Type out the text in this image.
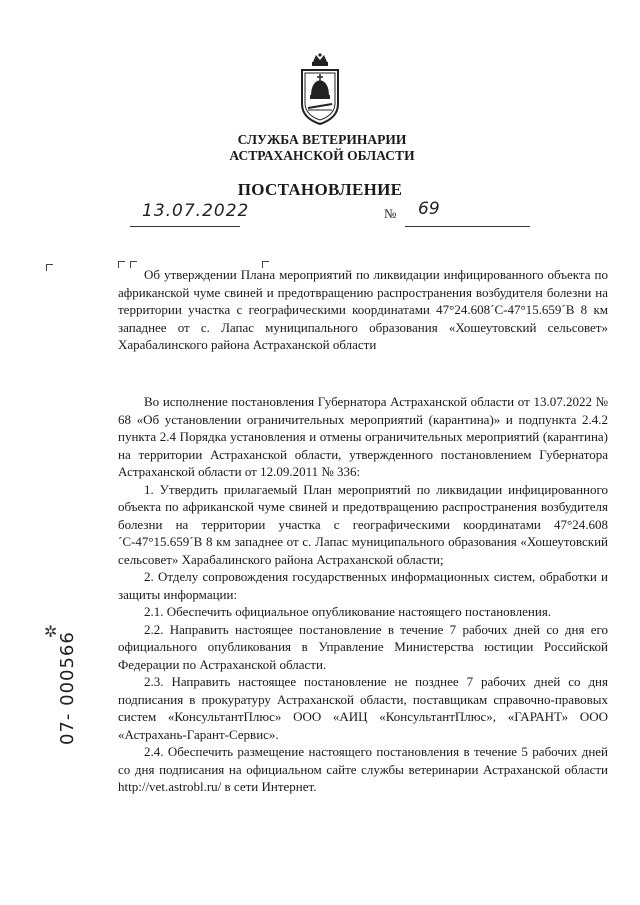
СЛУЖБА ВЕТЕРИНАРИИ
АСТРАХАНСКОЙ ОБЛАСТИ
ПОСТАНОВЛЕНИЕ
13.07.2022	№ 69
Об утверждении Плана мероприятий по ликвидации инфицированного объекта по африканской чуме свиней и предотвращению распространения возбудителя болезни на территории участка с географическими координатами 47°24.608´С-47°15.659´В 8 км западнее от с. Лапас муниципального образования «Хошеутовский сельсовет» Харабалинского района Астраханской области

Во исполнение постановления Губернатора Астраханской области от 13.07.2022 № 68 «Об установлении ограничительных мероприятий (карантина)» и подпункта 2.4.2 пункта 2.4 Порядка установления и отмены ограничительных мероприятий (карантина) на территории Астраханской области, утвержденного постановлением Губернатора Астраханской области от 12.09.2011 № 336:

1. Утвердить прилагаемый План мероприятий по ликвидации инфицированного объекта по африканской чуме свиней и предотвращению распространения возбудителя болезни на территории участка с географическими координатами 47°24.608´С-47°15.659´В 8 км западнее от с. Лапас муниципального образования «Хошеутовский сельсовет» Харабалинского района Астраханской области;

2. Отделу сопровождения государственных информационных систем, обработки и защиты информации:

2.1. Обеспечить официальное опубликование настоящего постановления.

2.2. Направить настоящее постановление в течение 7 рабочих дней со дня его официального опубликования в Управление Министерства юстиции Российской Федерации по Астраханской области.

2.3. Направить настоящее постановление не позднее 7 рабочих дней со дня подписания в прокуратуру Астраханской области, поставщикам справочно-правовых систем «КонсультантПлюс» ООО «АИЦ «КонсультантПлюс», «ГАРАНТ» ООО «Астрахань-Гарант-Сервис».

2.4. Обеспечить размещение настоящего постановления в течение 5 рабочих дней со дня подписания на официальном сайте службы ветеринарии Астраханской области http://vet.astrobl.ru/ в сети Интернет.

✲ 07- 000566
